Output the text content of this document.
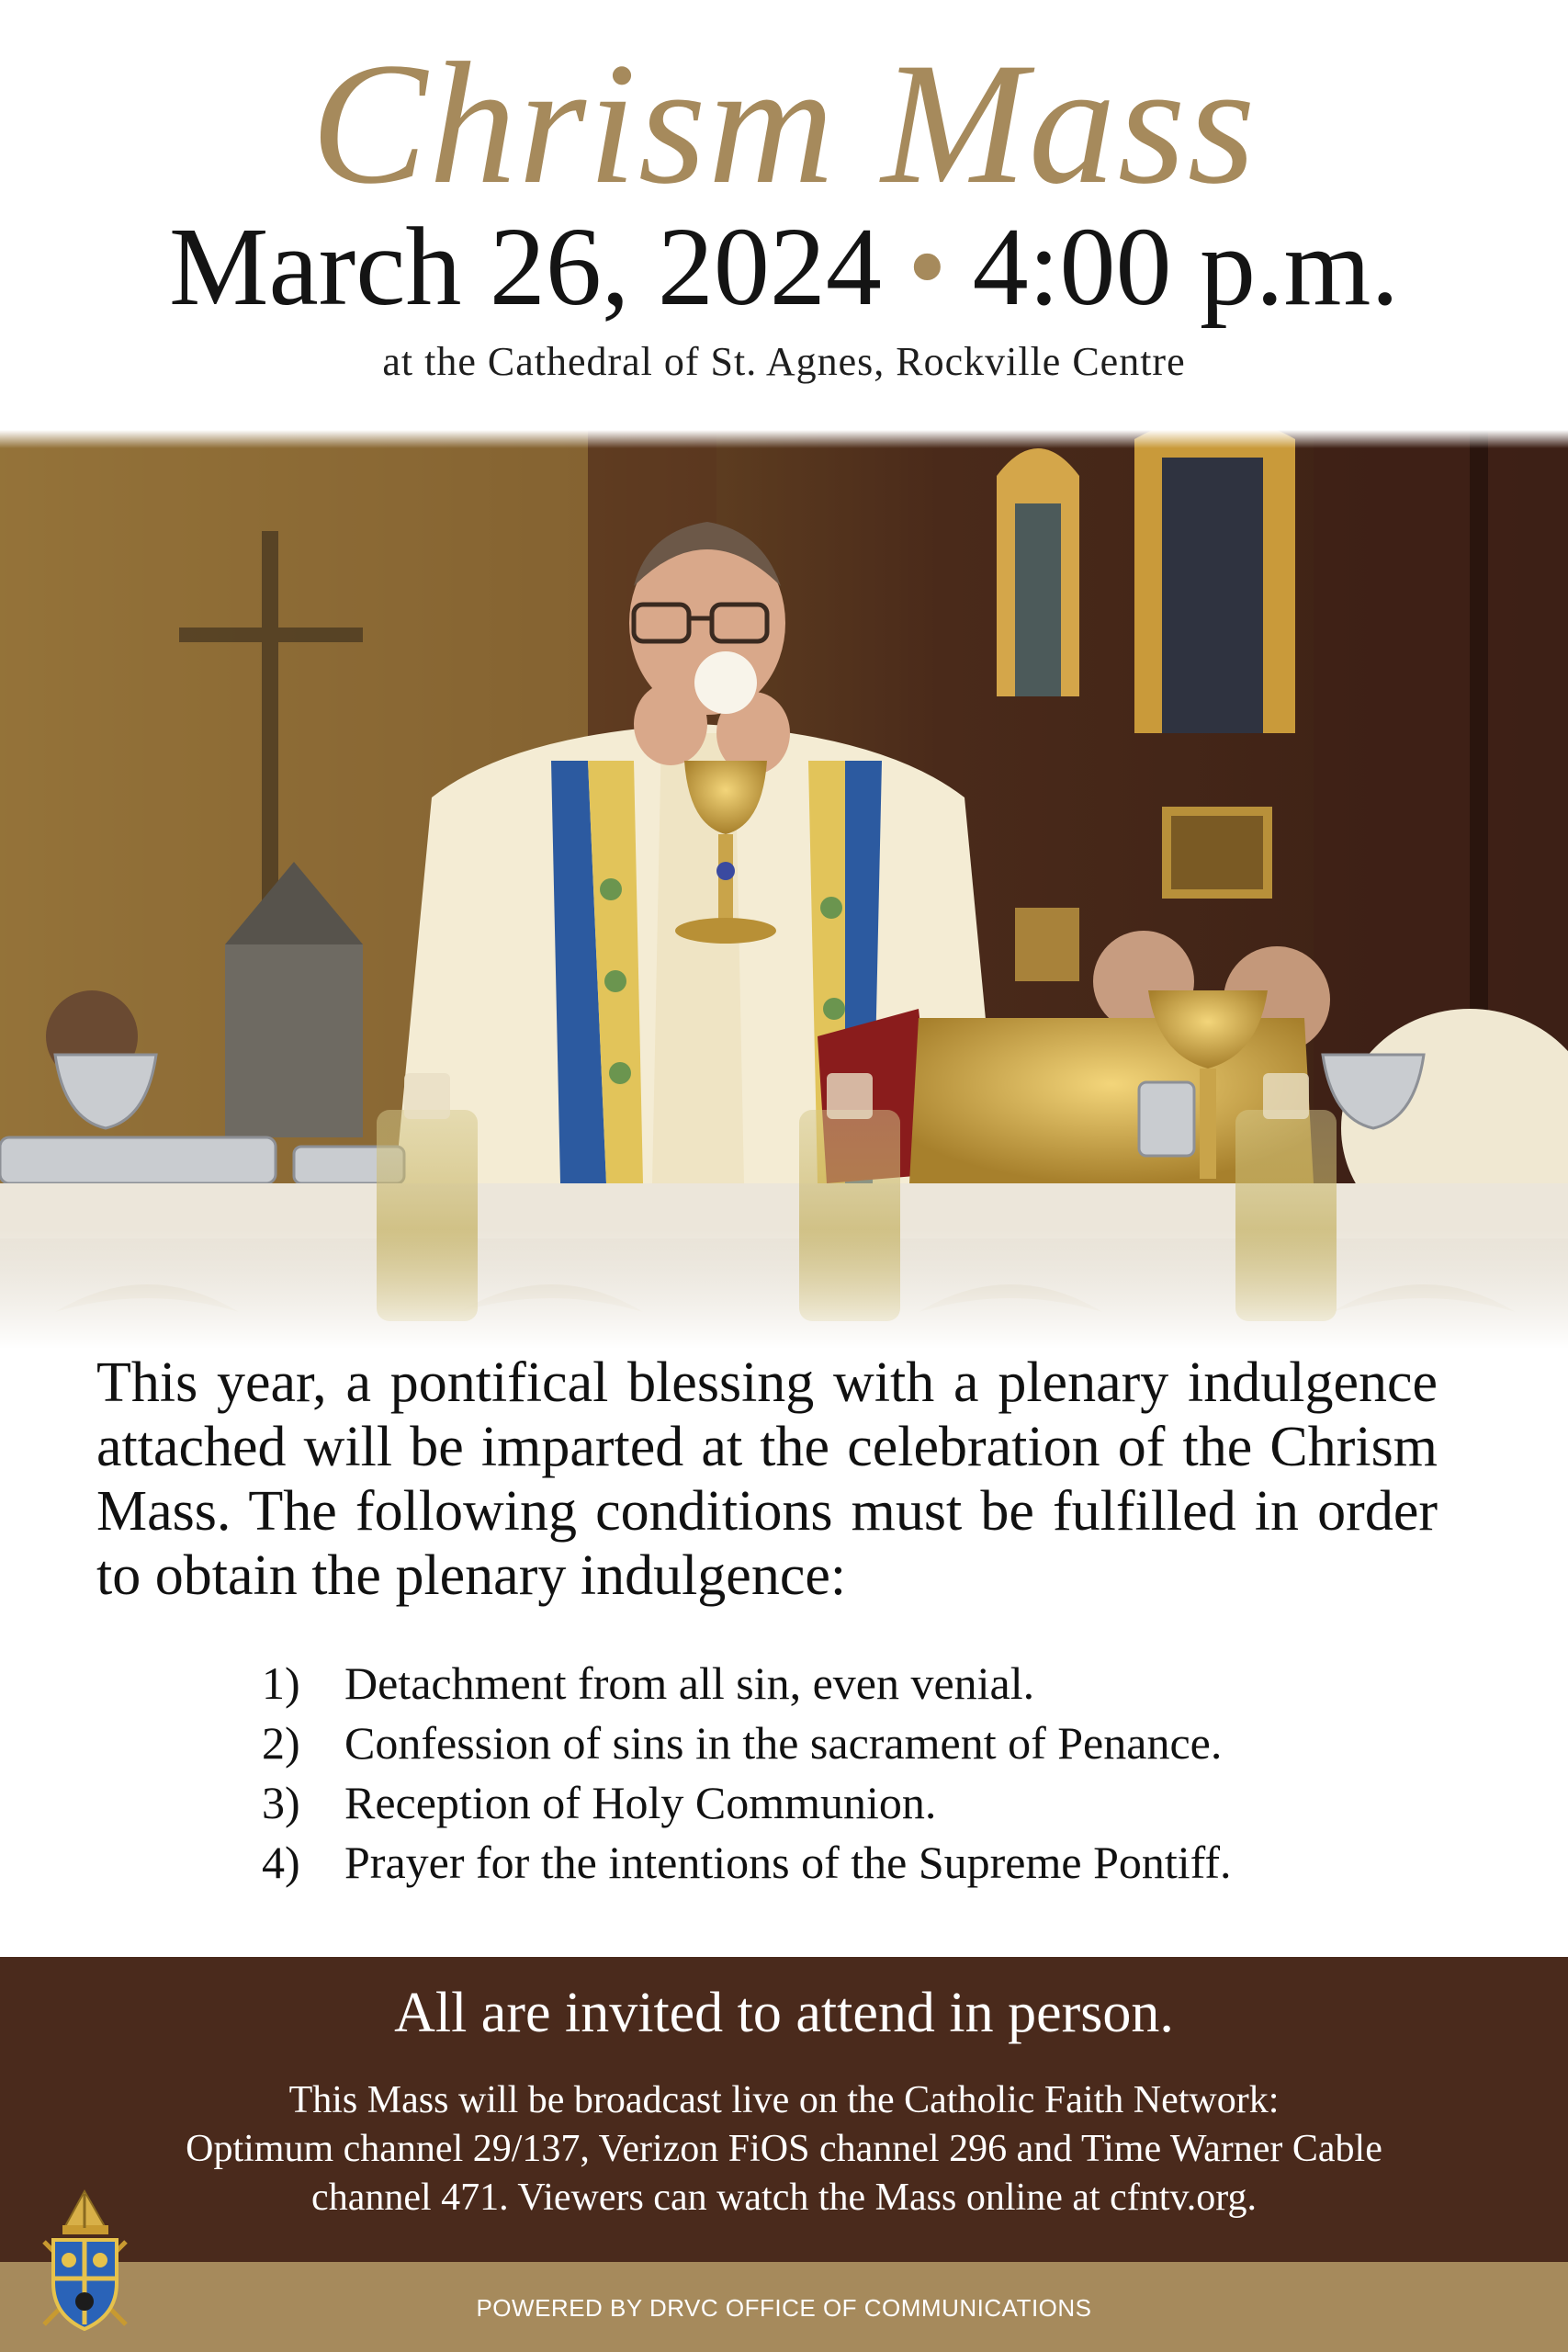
Chrism Mass
March 26, 2024 • 4:00 p.m.
at the Cathedral of St. Agnes, Rockville Centre

This year, a pontifical blessing with a plenary indulgence attached will be imparted at the celebration of the Chrism Mass. The following conditions must be fulfilled in order to obtain the plenary indulgence:

1) Detachment from all sin, even venial.
2) Confession of sins in the sacrament of Penance.
3) Reception of Holy Communion.
4) Prayer for the intentions of the Supreme Pontiff.
All are invited to attend in person.

This Mass will be broadcast live on the Catholic Faith Network:
Optimum channel 29/137, Verizon FiOS channel 296 and Time Warner Cable
channel 471. Viewers can watch the Mass online at cfntv.org.

POWERED BY DRVC OFFICE OF COMMUNICATIONS
